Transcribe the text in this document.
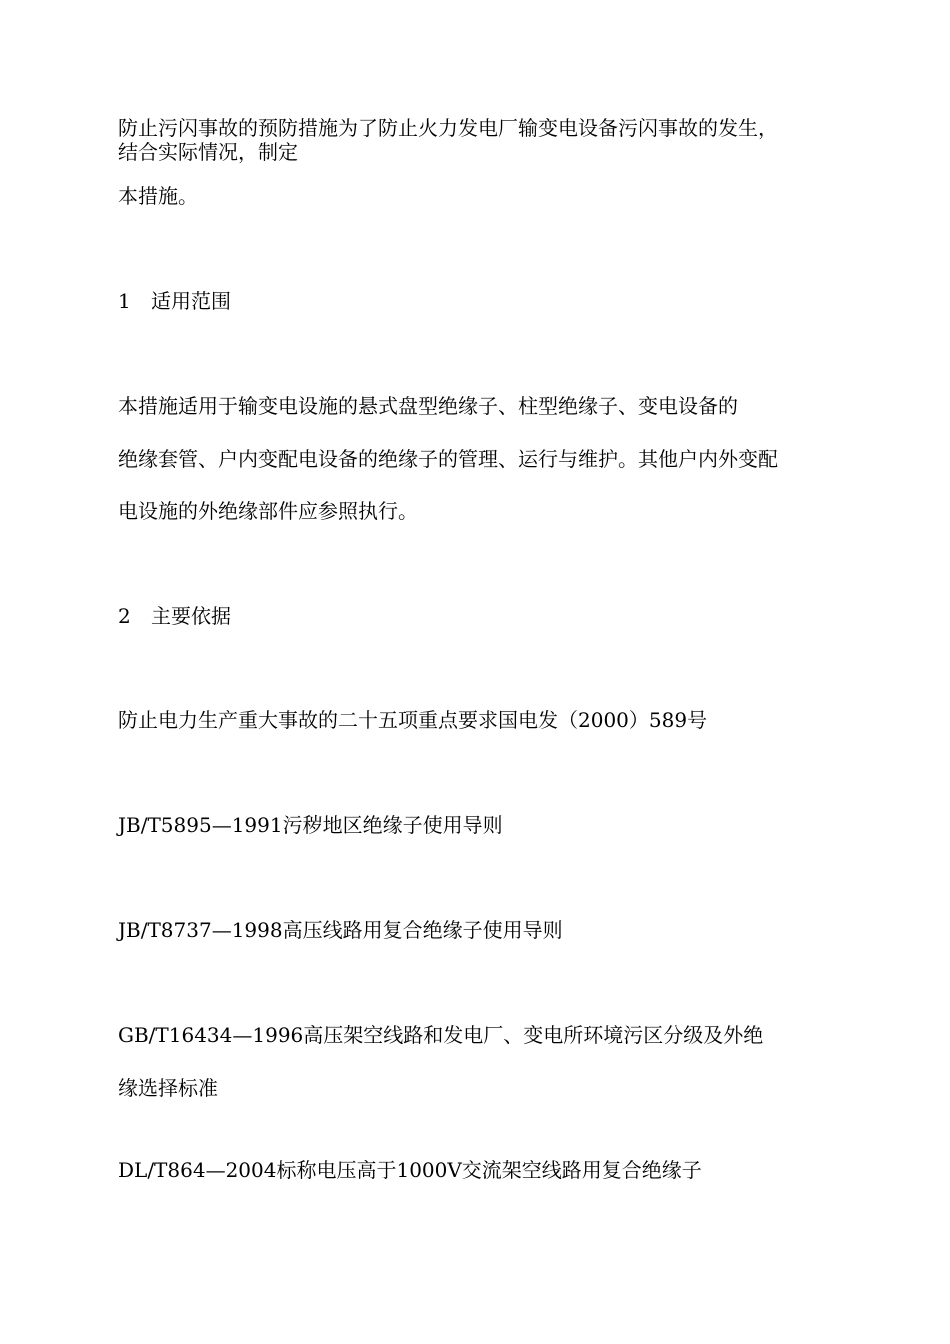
防止污闪事故的预防措施为了防止火力发电厂输变电设备污闪事故的发生，
结合实际情况，制定
本措施。
1 适用范围
本措施适用于输变电设施的悬式盘型绝缘子、柱型绝缘子、变电设备的
绝缘套管、户内变配电设备的绝缘子的管理、运行与维护。其他户内外变配
电设施的外绝缘部件应参照执行。
2 主要依据
防止电力生产重大事故的二十五项重点要求国电发（2000）589号
JB/T5895—1991污秽地区绝缘子使用导则
JB/T8737—1998高压线路用复合绝缘子使用导则
GB/T16434—1996高压架空线路和发电厂、变电所环境污区分级及外绝
缘选择标准
DL/T864—2004标称电压高于1000V交流架空线路用复合绝缘子
